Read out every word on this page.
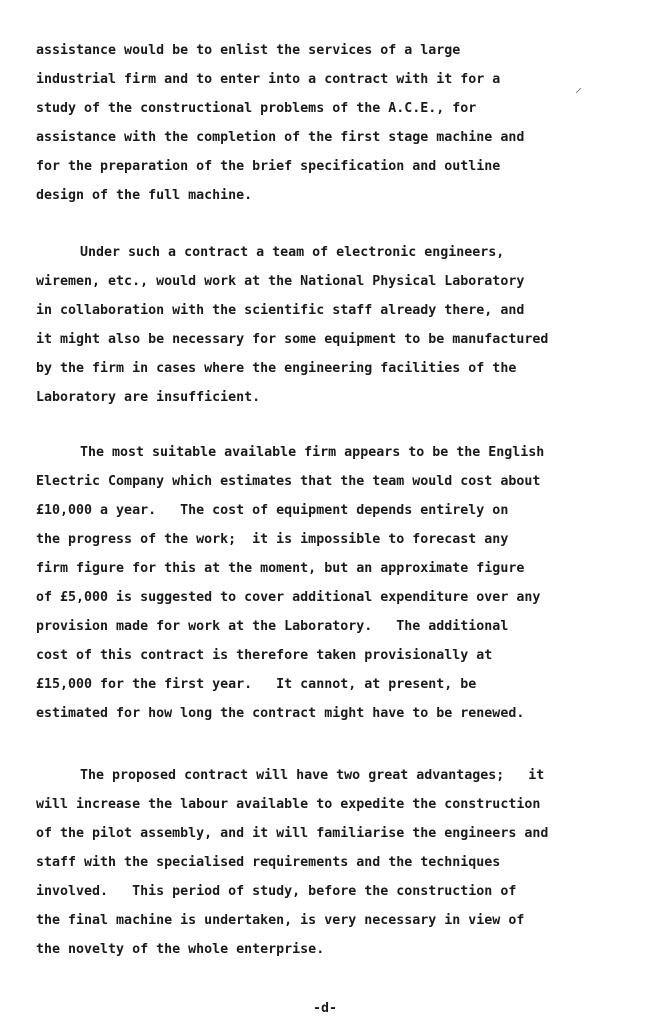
⸝
assistance would be to enlist the services of a large
industrial firm and to enter into a contract with it for a
study of the constructional problems of the A.C.E., for
assistance with the completion of the first stage machine and
for the preparation of the brief specification and outline
design of the full machine.
Under such a contract a team of electronic engineers,
wiremen, etc., would work at the National Physical Laboratory
in collaboration with the scientific staff already there, and
it might also be necessary for some equipment to be manufactured
by the firm in cases where the engineering facilities of the
Laboratory are insufficient.
The most suitable available firm appears to be the English
Electric Company which estimates that the team would cost about
£10,000 a year.   The cost of equipment depends entirely on
the progress of the work;  it is impossible to forecast any
firm figure for this at the moment, but an approximate figure
of £5,000 is suggested to cover additional expenditure over any
provision made for work at the Laboratory.   The additional
cost of this contract is therefore taken provisionally at
£15,000 for the first year.   It cannot, at present, be
estimated for how long the contract might have to be renewed.
The proposed contract will have two great advantages;   it
will increase the labour available to expedite the construction
of the pilot assembly, and it will familiarise the engineers and
staff with the specialised requirements and the techniques
involved.   This period of study, before the construction of
the final machine is undertaken, is very necessary in view of
the novelty of the whole enterprise.
-d-
